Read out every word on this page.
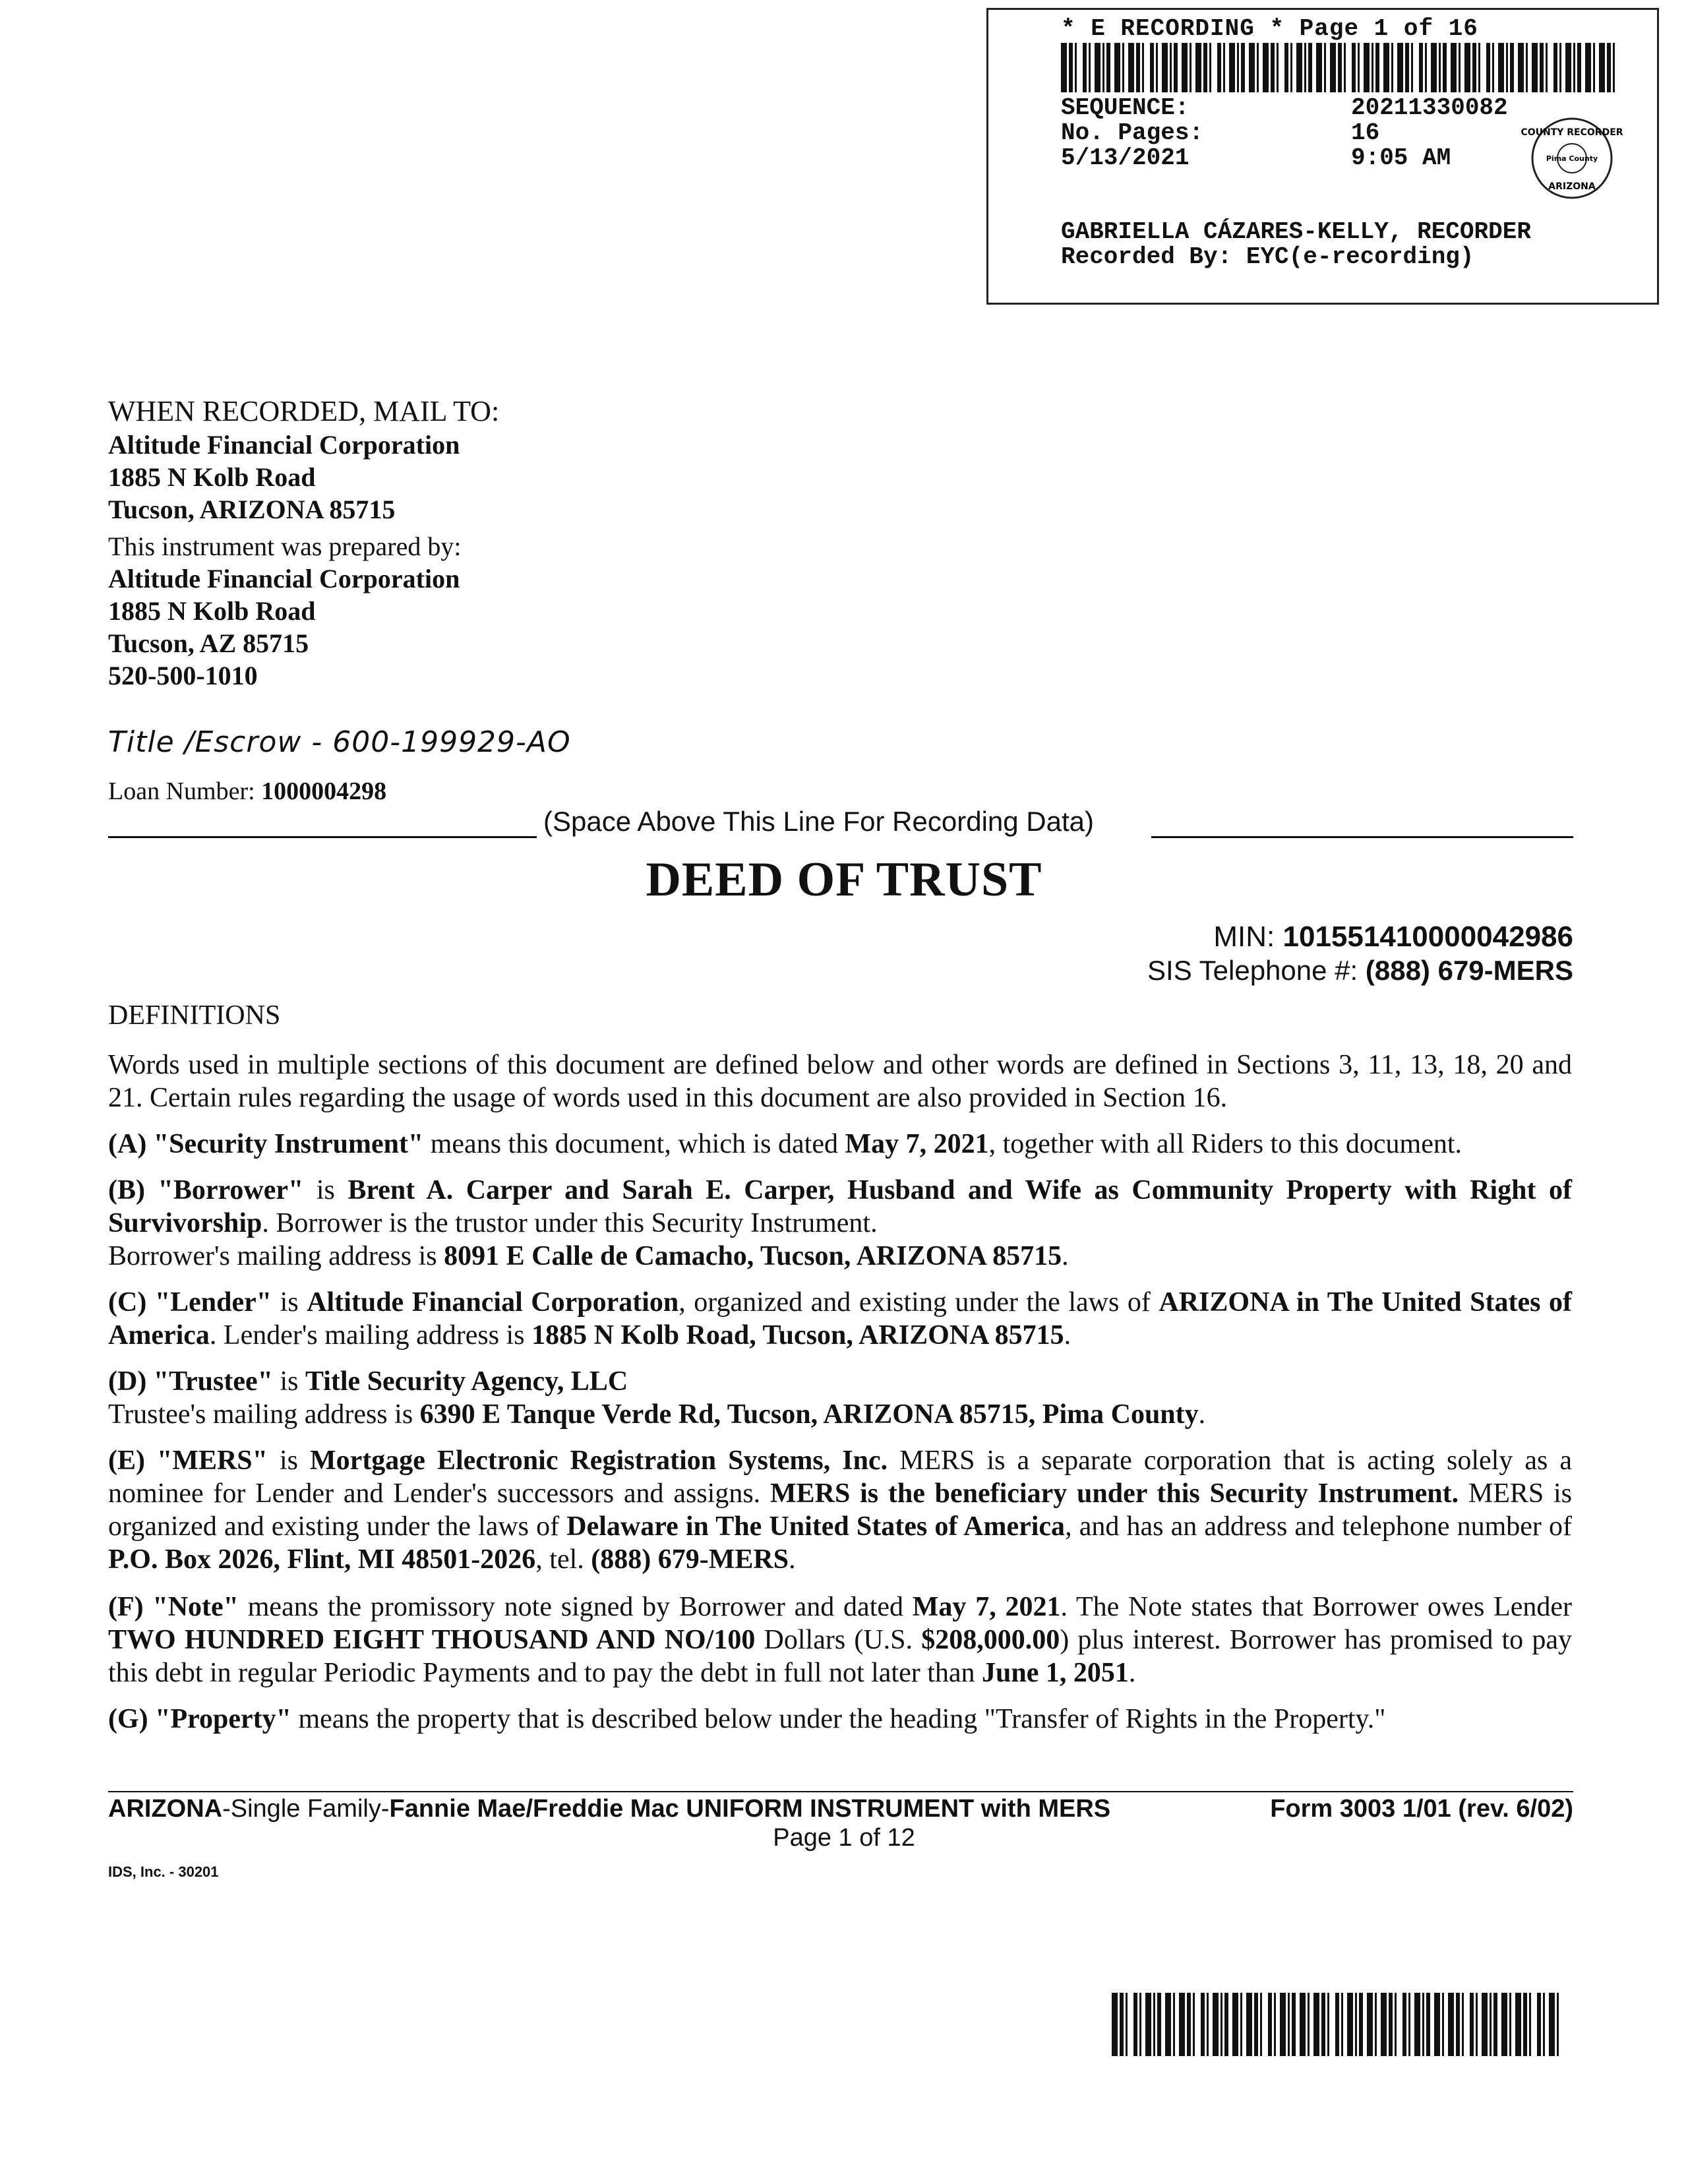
* E RECORDING * Page 1 of 16
SEQUENCE:	20211330082
No. Pages:	16
5/13/2021	9:05 AM
COUNTY RECORDER
Pima County
ARIZONA
GABRIELLA CÁZARES-KELLY, RECORDER
Recorded By: EYC(e-recording)
WHEN RECORDED, MAIL TO:
Altitude Financial Corporation
1885 N Kolb Road
Tucson, ARIZONA 85715
This instrument was prepared by:
Altitude Financial Corporation
1885 N Kolb Road
Tucson, AZ 85715
520-500-1010
Title /Escrow - 600-199929-AO
Loan Number: 1000004298
(Space Above This Line For Recording Data)
DEED OF TRUST
MIN: 101551410000042986
SIS Telephone #: (888) 679-MERS
DEFINITIONS
Words used in multiple sections of this document are defined below and other words are defined in Sections 3, 11, 13, 18, 20 and 21. Certain rules regarding the usage of words used in this document are also provided in Section 16.
(A) "Security Instrument" means this document, which is dated May 7, 2021, together with all Riders to this document.
(B) "Borrower" is Brent A. Carper and Sarah E. Carper, Husband and Wife as Community Property with Right of Survivorship. Borrower is the trustor under this Security Instrument.
Borrower's mailing address is 8091 E Calle de Camacho, Tucson, ARIZONA 85715.
(C) "Lender" is Altitude Financial Corporation, organized and existing under the laws of ARIZONA in The United States of America. Lender's mailing address is 1885 N Kolb Road, Tucson, ARIZONA 85715.
(D) "Trustee" is Title Security Agency, LLC
Trustee's mailing address is 6390 E Tanque Verde Rd, Tucson, ARIZONA 85715, Pima County.
(E) "MERS" is Mortgage Electronic Registration Systems, Inc. MERS is a separate corporation that is acting solely as a nominee for Lender and Lender's successors and assigns. MERS is the beneficiary under this Security Instrument. MERS is organized and existing under the laws of Delaware in The United States of America, and has an address and telephone number of P.O. Box 2026, Flint, MI 48501-2026, tel. (888) 679-MERS.
(F) "Note" means the promissory note signed by Borrower and dated May 7, 2021. The Note states that Borrower owes Lender TWO HUNDRED EIGHT THOUSAND AND NO/100 Dollars (U.S. $208,000.00) plus interest. Borrower has promised to pay this debt in regular Periodic Payments and to pay the debt in full not later than June 1, 2051.
(G) "Property" means the property that is described below under the heading "Transfer of Rights in the Property."
ARIZONA-Single Family-Fannie Mae/Freddie Mac UNIFORM INSTRUMENT with MERS	Form 3003 1/01 (rev. 6/02)
Page 1 of 12
IDS, Inc. - 30201
